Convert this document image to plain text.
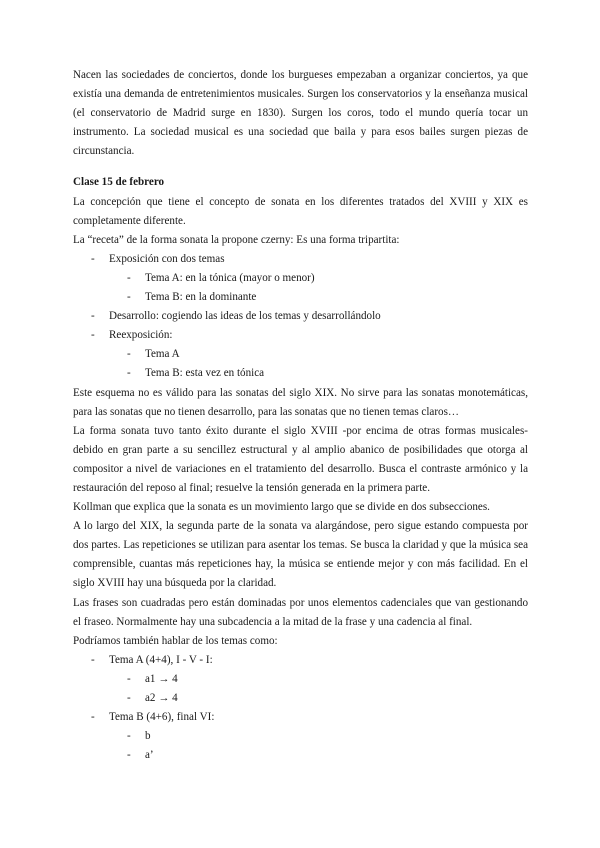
Nacen las sociedades de conciertos, donde los burgueses empezaban a organizar conciertos, ya que existía una demanda de entretenimientos musicales. Surgen los conservatorios y la enseñanza musical (el conservatorio de Madrid surge en 1830). Surgen los coros, todo el mundo quería tocar un instrumento. La sociedad musical es una sociedad que baila y para esos bailes surgen piezas de circunstancia.

Clase 15 de febrero

La concepción que tiene el concepto de sonata en los diferentes tratados del XVIII y XIX es completamente diferente.

La “receta” de la forma sonata la propone czerny: Es una forma tripartita:

- Exposición con dos temas
- Tema A: en la tónica (mayor o menor)
- Tema B: en la dominante
- Desarrollo: cogiendo las ideas de los temas y desarrollándolo
- Reexposición:
- Tema A
- Tema B: esta vez en tónica

Este esquema no es válido para las sonatas del siglo XIX. No sirve para las sonatas monotemáticas, para las sonatas que no tienen desarrollo, para las sonatas que no tienen temas claros…

La forma sonata tuvo tanto éxito durante el siglo XVIII -por encima de otras formas musicales- debido en gran parte a su sencillez estructural y al amplio abanico de posibilidades que otorga al compositor a nivel de variaciones en el tratamiento del desarrollo. Busca el contraste armónico y la restauración del reposo al final; resuelve la tensión generada en la primera parte.

Kollman que explica que la sonata es un movimiento largo que se divide en dos subsecciones.

A lo largo del XIX, la segunda parte de la sonata va alargándose, pero sigue estando compuesta por dos partes. Las repeticiones se utilizan para asentar los temas. Se busca la claridad y que la música sea comprensible, cuantas más repeticiones hay, la música se entiende mejor y con más facilidad. En el siglo XVIII hay una búsqueda por la claridad.

Las frases son cuadradas pero están dominadas por unos elementos cadenciales que van gestionando el fraseo. Normalmente hay una subcadencia a la mitad de la frase y una cadencia al final.

Podríamos también hablar de los temas como:

- Tema A (4+4), I - V - I:
- a1 → 4
- a2 → 4
- Tema B (4+6), final VI:
- b
- a’
